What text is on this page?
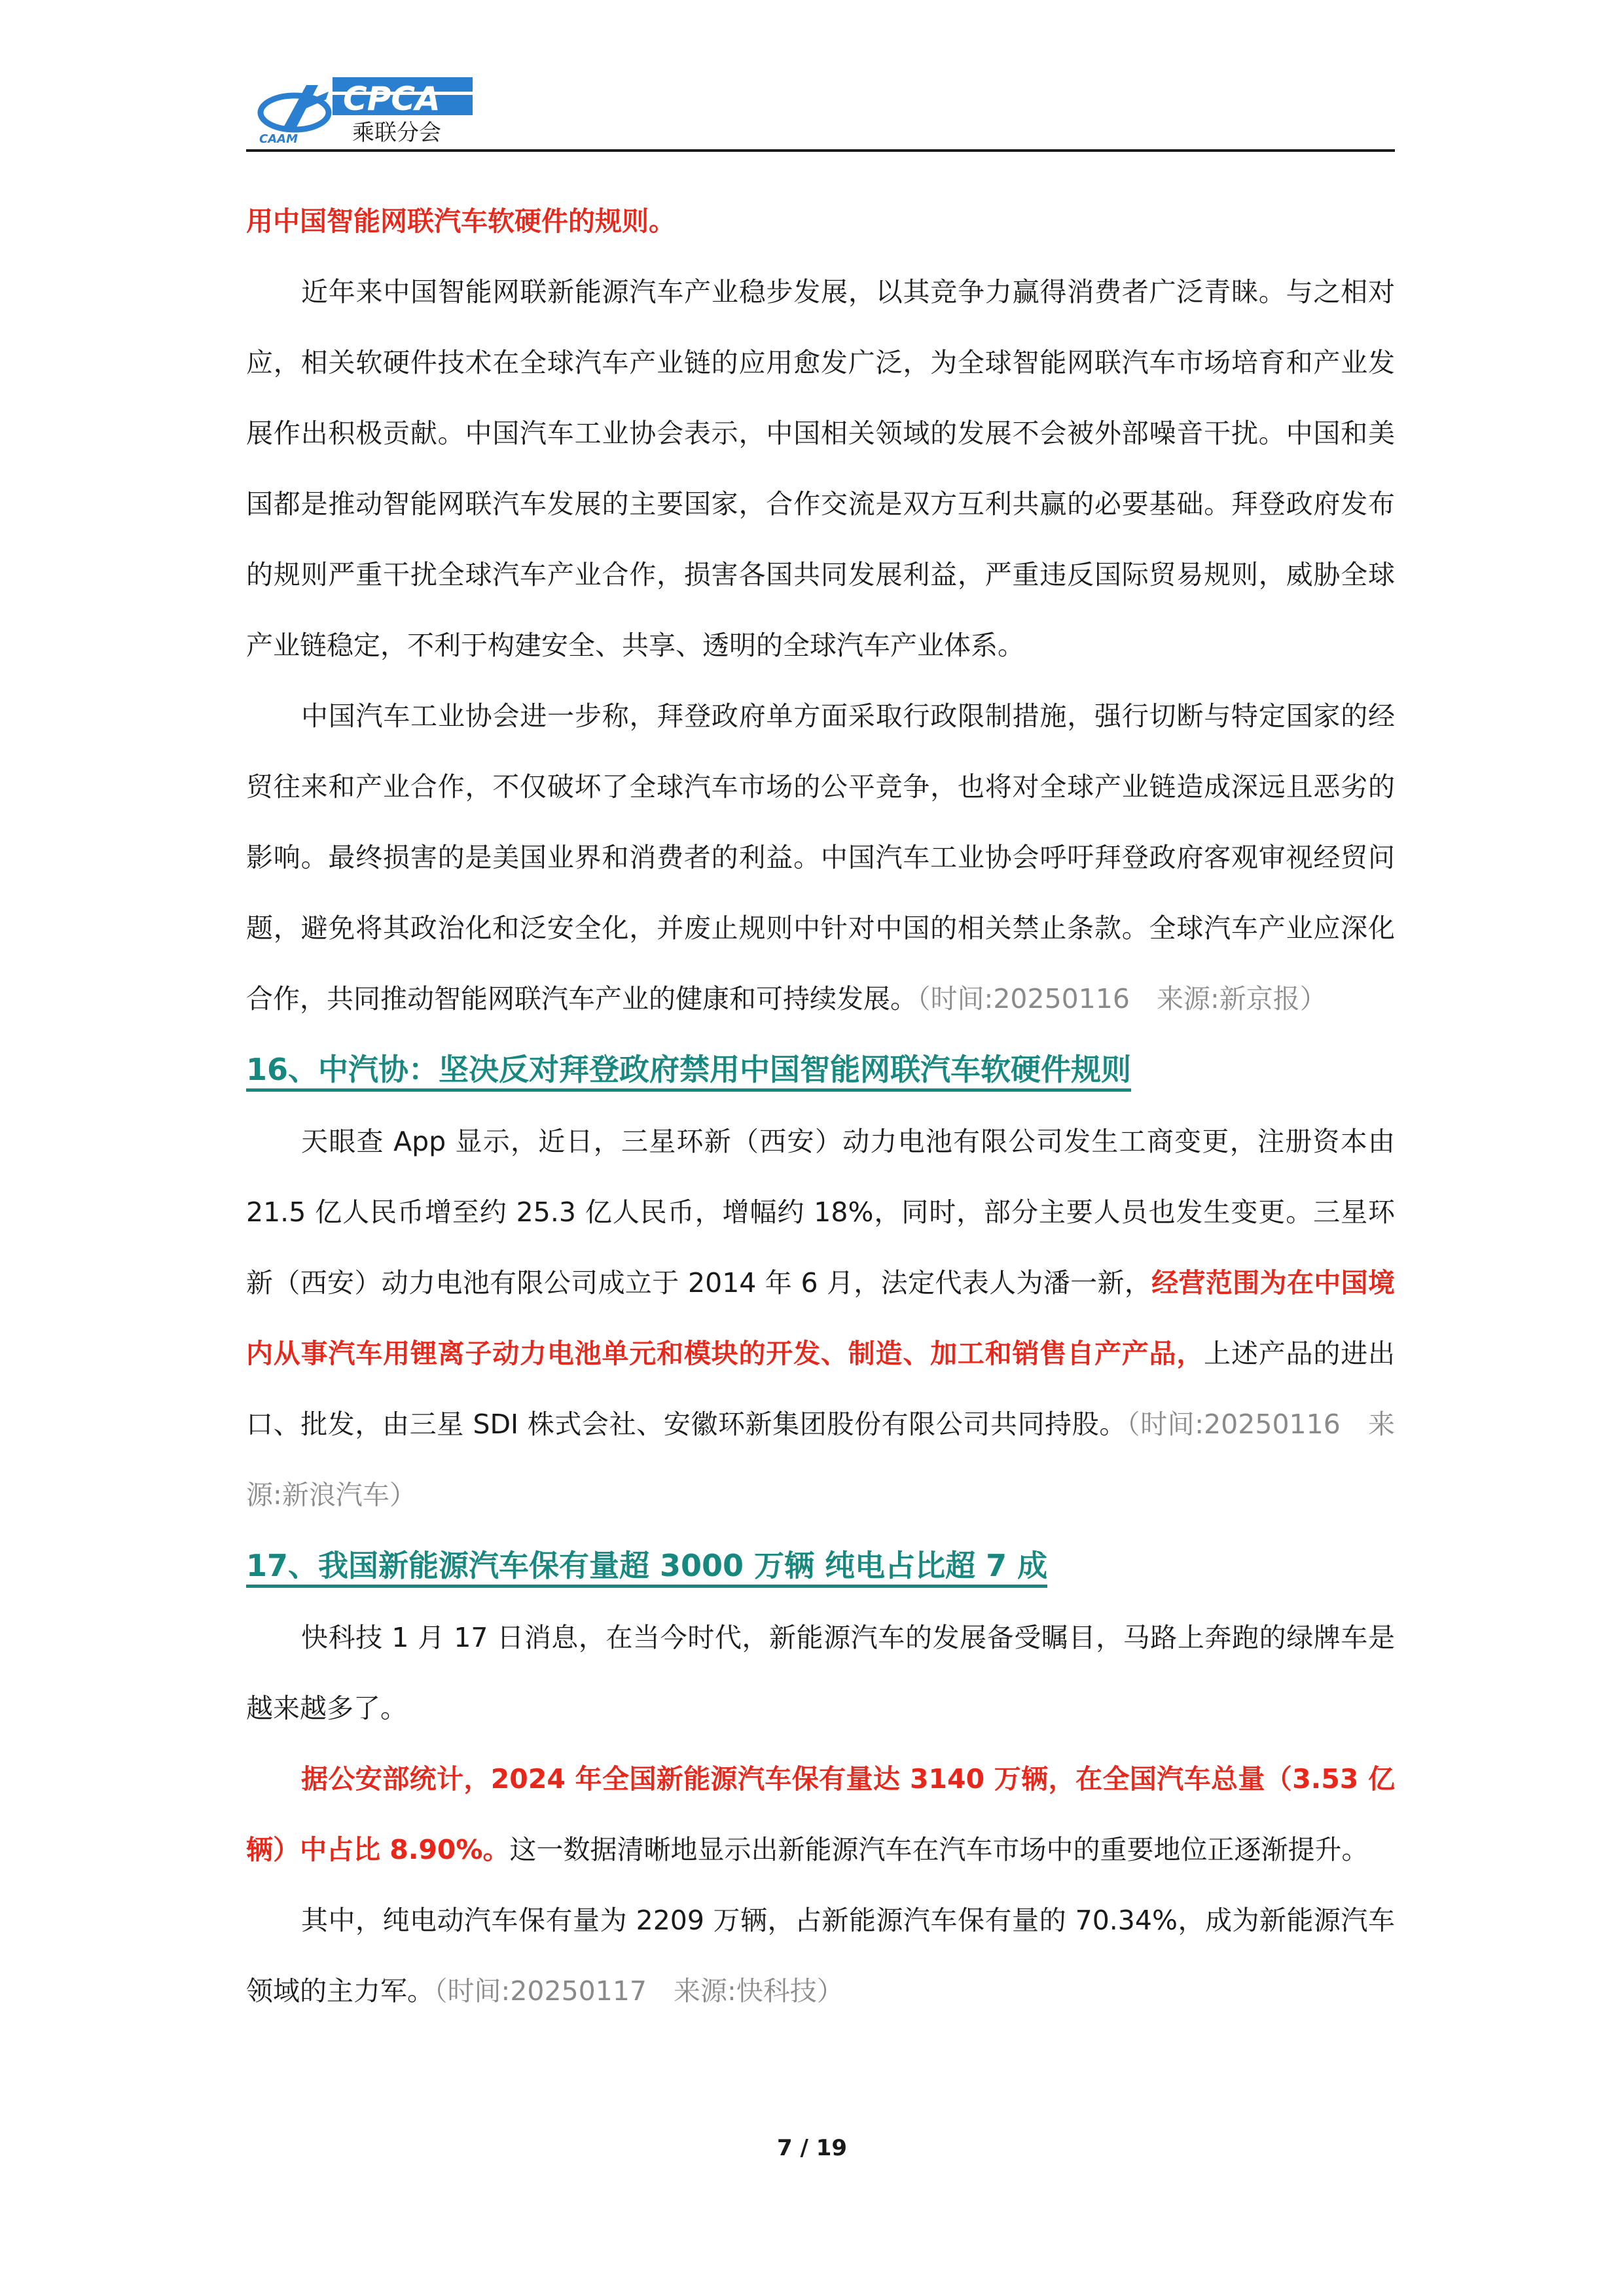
CAAM
CPCA
乘联分会

用中国智能网联汽车软硬件的规则。

近年来中国智能网联新能源汽车产业稳步发展，以其竞争力赢得消费者广泛青睐。与之相对应，相关软硬件技术在全球汽车产业链的应用愈发广泛，为全球智能网联汽车市场培育和产业发展作出积极贡献。中国汽车工业协会表示，中国相关领域的发展不会被外部噪音干扰。中国和美国都是推动智能网联汽车发展的主要国家，合作交流是双方互利共赢的必要基础。拜登政府发布的规则严重干扰全球汽车产业合作，损害各国共同发展利益，严重违反国际贸易规则，威胁全球产业链稳定，不利于构建安全、共享、透明的全球汽车产业体系。

中国汽车工业协会进一步称，拜登政府单方面采取行政限制措施，强行切断与特定国家的经贸往来和产业合作，不仅破坏了全球汽车市场的公平竞争，也将对全球产业链造成深远且恶劣的影响。最终损害的是美国业界和消费者的利益。中国汽车工业协会呼吁拜登政府客观审视经贸问题，避免将其政治化和泛安全化，并废止规则中针对中国的相关禁止条款。全球汽车产业应深化合作，共同推动智能网联汽车产业的健康和可持续发展。（时间:20250116　来源:新京报）

16、中汽协：坚决反对拜登政府禁用中国智能网联汽车软硬件规则

天眼查 App 显示，近日，三星环新（西安）动力电池有限公司发生工商变更，注册资本由 21.5 亿人民币增至约 25.3 亿人民币，增幅约 18%，同时，部分主要人员也发生变更。三星环新（西安）动力电池有限公司成立于 2014 年 6 月，法定代表人为潘一新，经营范围为在中国境内从事汽车用锂离子动力电池单元和模块的开发、制造、加工和销售自产产品，上述产品的进出口、批发，由三星 SDI 株式会社、安徽环新集团股份有限公司共同持股。（时间:20250116　来源:新浪汽车）

17、我国新能源汽车保有量超 3000 万辆 纯电占比超 7 成

快科技 1 月 17 日消息，在当今时代，新能源汽车的发展备受瞩目，马路上奔跑的绿牌车是越来越多了。

据公安部统计，2024 年全国新能源汽车保有量达 3140 万辆，在全国汽车总量（3.53 亿辆）中占比 8.90%。这一数据清晰地显示出新能源汽车在汽车市场中的重要地位正逐渐提升。

其中，纯电动汽车保有量为 2209 万辆，占新能源汽车保有量的 70.34%，成为新能源汽车领域的主力军。（时间:20250117　来源:快科技）

7 / 19
